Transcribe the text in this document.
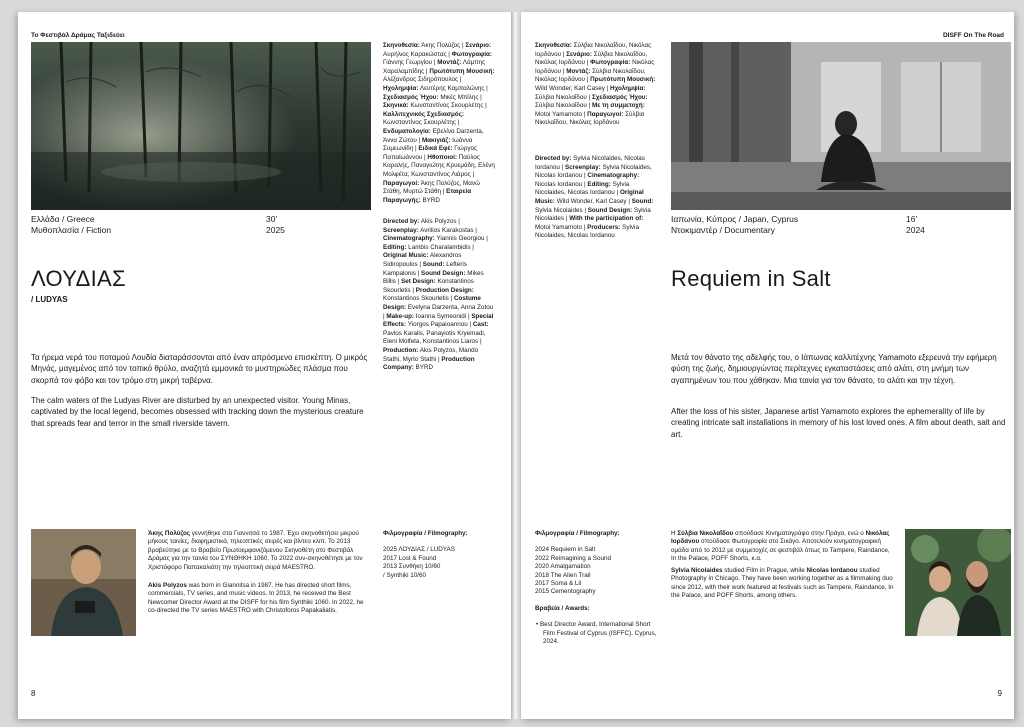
Το Φεστιβάλ Δράμας Ταξιδεύει
Ελλάδα / Greece	30’
Μυθοπλασία / Fiction	2025
ΛΟΥΔΙΑΣ
/ LUDYAS
Τα ήρεμα νερά του ποταμού Λουδία διαταράσσονται από έναν απρόσμενο επισκέπτη. Ο μικρός Μηνάς, μαγεμένος από τον τοπικό θρύλο, αναζητά εμμονικά το μυστηριώδες πλάσμα που σκορπά τον φόβο και τον τρόμο στη μικρή ταβέρνα.
The calm waters of the Ludyas River are disturbed by an unexpected visitor. Young Minas, captivated by the local legend, becomes obsessed with tracking down the mysterious creature that spreads fear and terror in the small riverside tavern.
Σκηνοθεσία: Άκης Πολύζος | Σενάριο: Αυρήλιος Καρακώστας | Φωτογραφία: Γιάννης Γεωργίου | Μοντάζ: Λάμπης Χαραλαμπίδης | Πρωτότυπη Μουσική: Αλέξανδρος Σιδηρόπουλος | Ηχολημψία: Λευτέρης Καμπαλώνης | Σχεδιασμός Ήχου: Μικές Μπίλης | Σκηνικά: Κωνσταντίνος Σκουρλέτης | Καλλιτεχνικός Σχεδιασμός: Κωνσταντίνος Σκουρλέτης | Ενδυματολογία: Εβελίνα Darzenta, Άννα Ζώτου | Μακιγιάζ: Ιωάννα Συμεωνίδη | Ειδικά Εφέ: Γιώργος Παπαϊωάννου | Ηθοποιοί: Παύλος Καραλής, Παναγιώτης Κρυεμάδη, Ελένη Μολφέτα, Κωνσταντίνος Λιάρος | Παραγωγοί: Άκης Πολύζος, Μανώ Στάθη, Μυρτώ Στάθη | Εταιρεία Παραγωγής: BYRD
Directed by: Akis Polyzos | Screenplay: Avrilios Karakostas | Cinematography: Yiannis Georgiou | Editing: Lambis Charalambidis | Original Music: Alexandros Sidiropoulos | Sound: Lefteris Kampalonis | Sound Design: Mikes Billis | Set Design: Konstantinos Skourletis | Production Design: Konstantinos Skourletis | Costume Design: Evelyna Darzenta, Anna Zotou | Make-up: Ioanna Symeonidi | Special Effects: Yiorgos Papaioannou | Cast: Pavlos Karalis, Panayiotis Kryemadi, Eleni Molfeta, Konstantinos Liaros | Production: Akis Polyzos, Mando Stathi, Myrto Stathi | Production Company: BYRD
Άκης Πολύζος γεννήθηκε στα Γιαννιτσά το 1987. Έχει σκηνοθετήσει μικρού μήκους ταινίες, διαφημιστικά, τηλεοπτικές σειρές και βίντεο κλιπ. Το 2013 βραβεύτηκε με το Βραβείο Πρωτοεμφανιζόμενου Σκηνοθέτη στο Φεστιβάλ Δράμας για την ταινία του ΣΥΝΘΗΚΗ 1060. Το 2022 συν-σκηνοθέτησε με τον Χριστόφορο Παπακαλιάτη την τηλεοπτική σειρά MAESTRO.
Akis Polyzos was born in Giannitsa in 1987. He has directed short films, commercials, TV series, and music videos. In 2013, he received the Best Newcomer Director Award at the DISFF for his film Synthiki 1060. In 2022, he co-directed the TV series MAESTRO with Christoforos Papakaliatis.
Φιλμογραφία / Filmography:
2025 ΛΟΥΔΙΑΣ / LUDYAS
2017 Lost & Found
2013 Συνθήκη 10/60
/ Synthiki 10/60
8
DISFF On The Road
Σκηνοθεσία: Σύλβια Νικολαΐδου, Νικόλας Ιορδάνου | Σενάριο: Σύλβια Νικολαΐδου, Νικόλας Ιορδάνου | Φωτογραφία: Νικόλας Ιορδάνου | Μοντάζ: Σύλβια Νικολαΐδου, Νικόλας Ιορδάνου | Πρωτότυπη Μουσική: Wild Wonder, Karl Casey | Ηχολημψία: Σύλβια Νικολαΐδου | Σχεδιασμός Ήχου: Σύλβια Νικολαΐδου | Με τη συμμετοχή: Motoi Yamamoto | Παραγωγοί: Σύλβια Νικολαΐδου, Νικόλας Ιορδάνου
Directed by: Sylvia Nicolaides, Nicolas Iordanou | Screenplay: Sylvia Nicolaides, Nicolas Iordanou | Cinematography: Nicolas Iordanou | Editing: Sylvia Nicolaides, Nicolas Iordanou | Original Music: Wild Wonder, Karl Casey | Sound: Sylvia Nicolaides | Sound Design: Sylvia Nicolaides | With the participation of: Motoi Yamamoto | Producers: Sylvia Nicolaides, Nicolas Iordanou
Ιαπωνία, Κύπρος / Japan, Cyprus	16’
Ντοκιμαντέρ / Documentary	2024
Requiem in Salt
Μετά τον θάνατο της αδελφής του, ο Ιάπωνας καλλιτέχνης Yamamoto εξερευνά την εφήμερη φύση της ζωής, δημιουργώντας περίτεχνες εγκαταστάσεις από αλάτι, στη μνήμη των αγαπημένων του που χάθηκαν. Μια ταινία για τον θάνατο, το αλάτι και την τέχνη.
After the loss of his sister, Japanese artist Yamamoto explores the ephemerality of life by creating intricate salt installations in memory of his lost loved ones. A film about death, salt and art.
Φιλμογραφία / Filmography:
2024 Requiem in Salt
2022 Reimagining a Sound
2020 Amalgamation
2018 The Alien Trail
2017 Soma & Lil
2015 Cementography
Βραβεία / Awards:
• Best Director Award, International Short Film Festival of Cyprus (ISFFC), Cyprus, 2024.
Η Σύλβια Νικολαΐδου σπούδασε Κινηματογράφο στην Πράγα, ενώ ο Νικόλας Ιορδάνου σπούδασε Φωτογραφία στο Σικάγο. Αποτελούν κινηματογραφική ομάδα από το 2012 με συμμετοχές σε φεστιβάλ όπως το Tampere, Raindance, In the Palace, POFF Shorts, κ.α.
Sylvia Nicolaides studied Film in Prague, while Nicolas Iordanou studied Photography in Chicago. They have been working together as a filmmaking duo since 2012, with their work featured at festivals such as Tampere, Raindance, In the Palace, and POFF Shorts, among others.
9
